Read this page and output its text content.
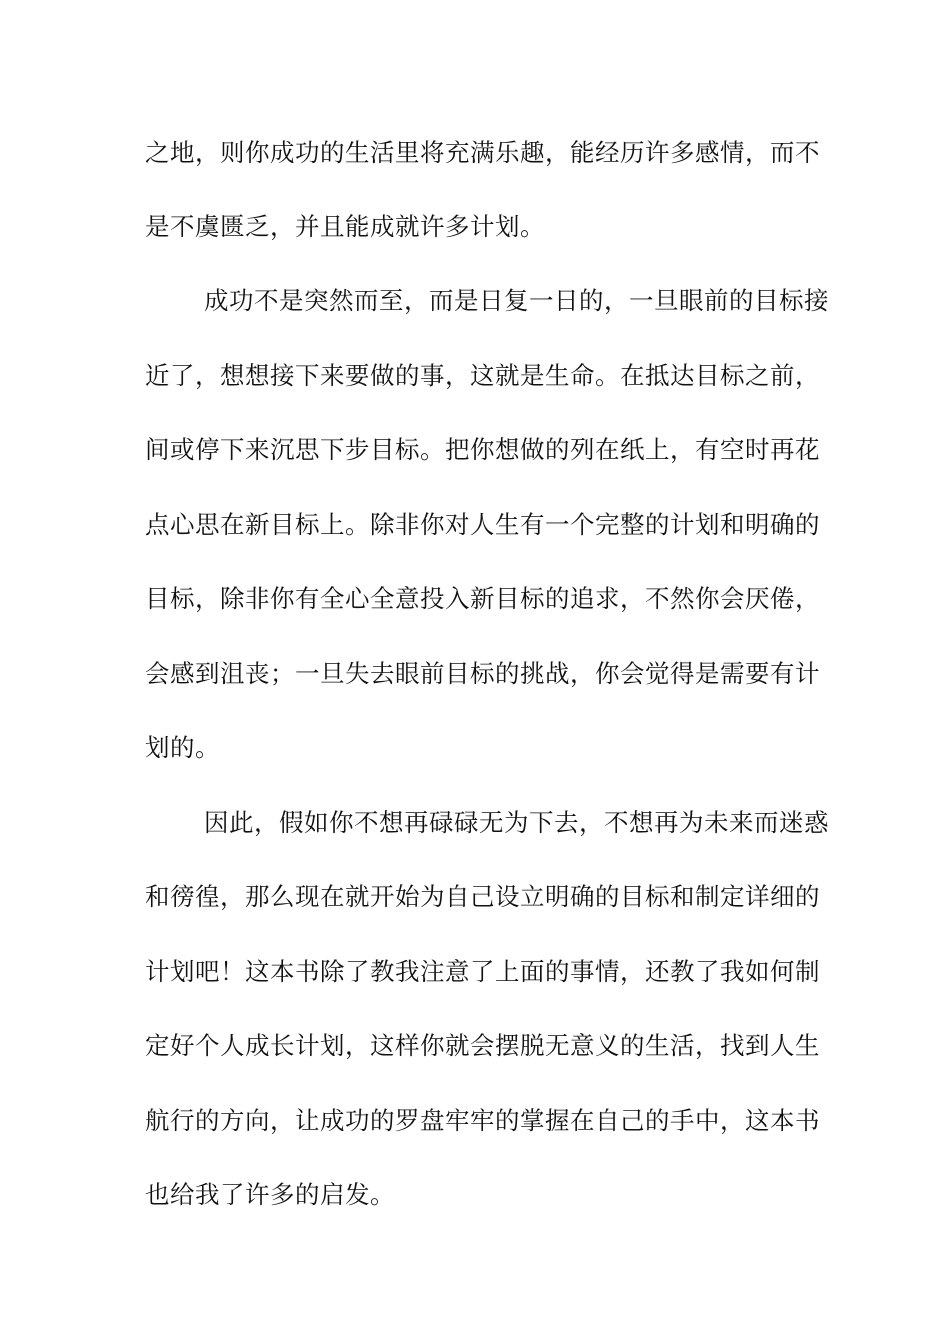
之地，则你成功的生活里将充满乐趣，能经历许多感情，而不
是不虞匮乏，并且能成就许多计划。
成功不是突然而至，而是日复一日的，一旦眼前的目标接
近了，想想接下来要做的事，这就是生命。在抵达目标之前，
间或停下来沉思下步目标。把你想做的列在纸上，有空时再花
点心思在新目标上。除非你对人生有一个完整的计划和明确的
目标，除非你有全心全意投入新目标的追求，不然你会厌倦，
会感到沮丧；一旦失去眼前目标的挑战，你会觉得是需要有计
划的。
因此，假如你不想再碌碌无为下去，不想再为未来而迷惑
和徬徨，那么现在就开始为自己设立明确的目标和制定详细的
计划吧！这本书除了教我注意了上面的事情，还教了我如何制
定好个人成长计划，这样你就会摆脱无意义的生活，找到人生
航行的方向，让成功的罗盘牢牢的掌握在自己的手中，这本书
也给我了许多的启发。
